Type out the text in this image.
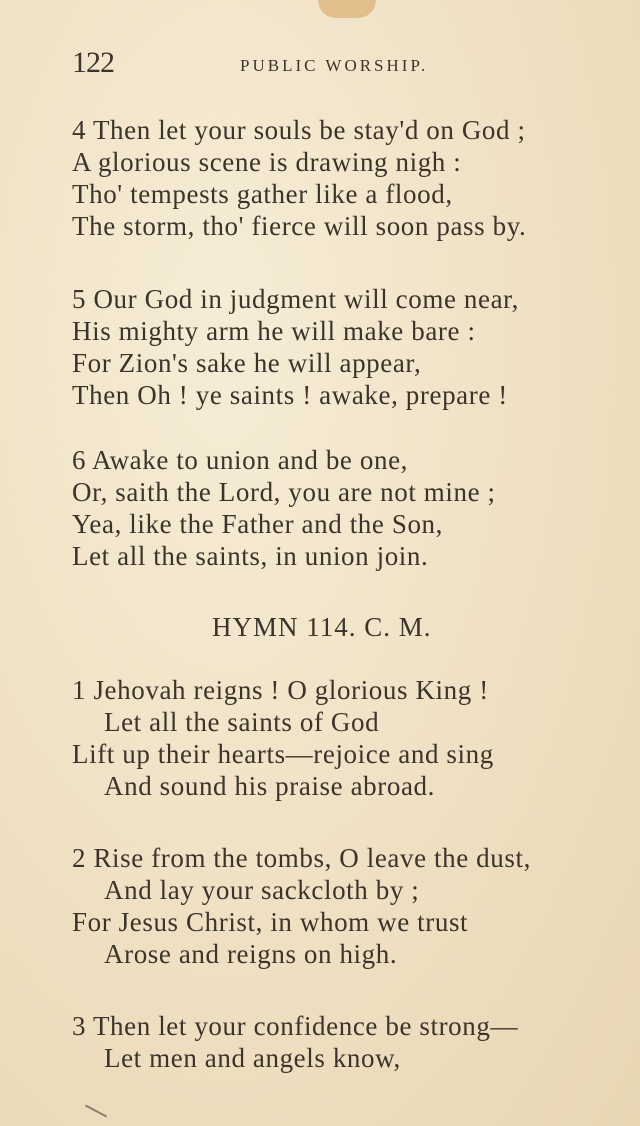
122	PUBLIC WORSHIP.
4 Then let your souls be stay'd on God ;
A glorious scene is drawing nigh :
Tho' tempests gather like a flood,
The storm, tho' fierce will soon pass by.
5 Our God in judgment will come near,
His mighty arm he will make bare :
For Zion's sake he will appear,
Then Oh ! ye saints ! awake, prepare !
6 Awake to union and be one,
Or, saith the Lord, you are not mine ;
Yea, like the Father and the Son,
Let all the saints, in union join.
HYMN 114. C. M.
1 Jehovah reigns ! O glorious King !
Let all the saints of God
Lift up their hearts—rejoice and sing
And sound his praise abroad.
2 Rise from the tombs, O leave the dust,
And lay your sackcloth by ;
For Jesus Christ, in whom we trust
Arose and reigns on high.
3 Then let your confidence be strong—
Let men and angels know,
